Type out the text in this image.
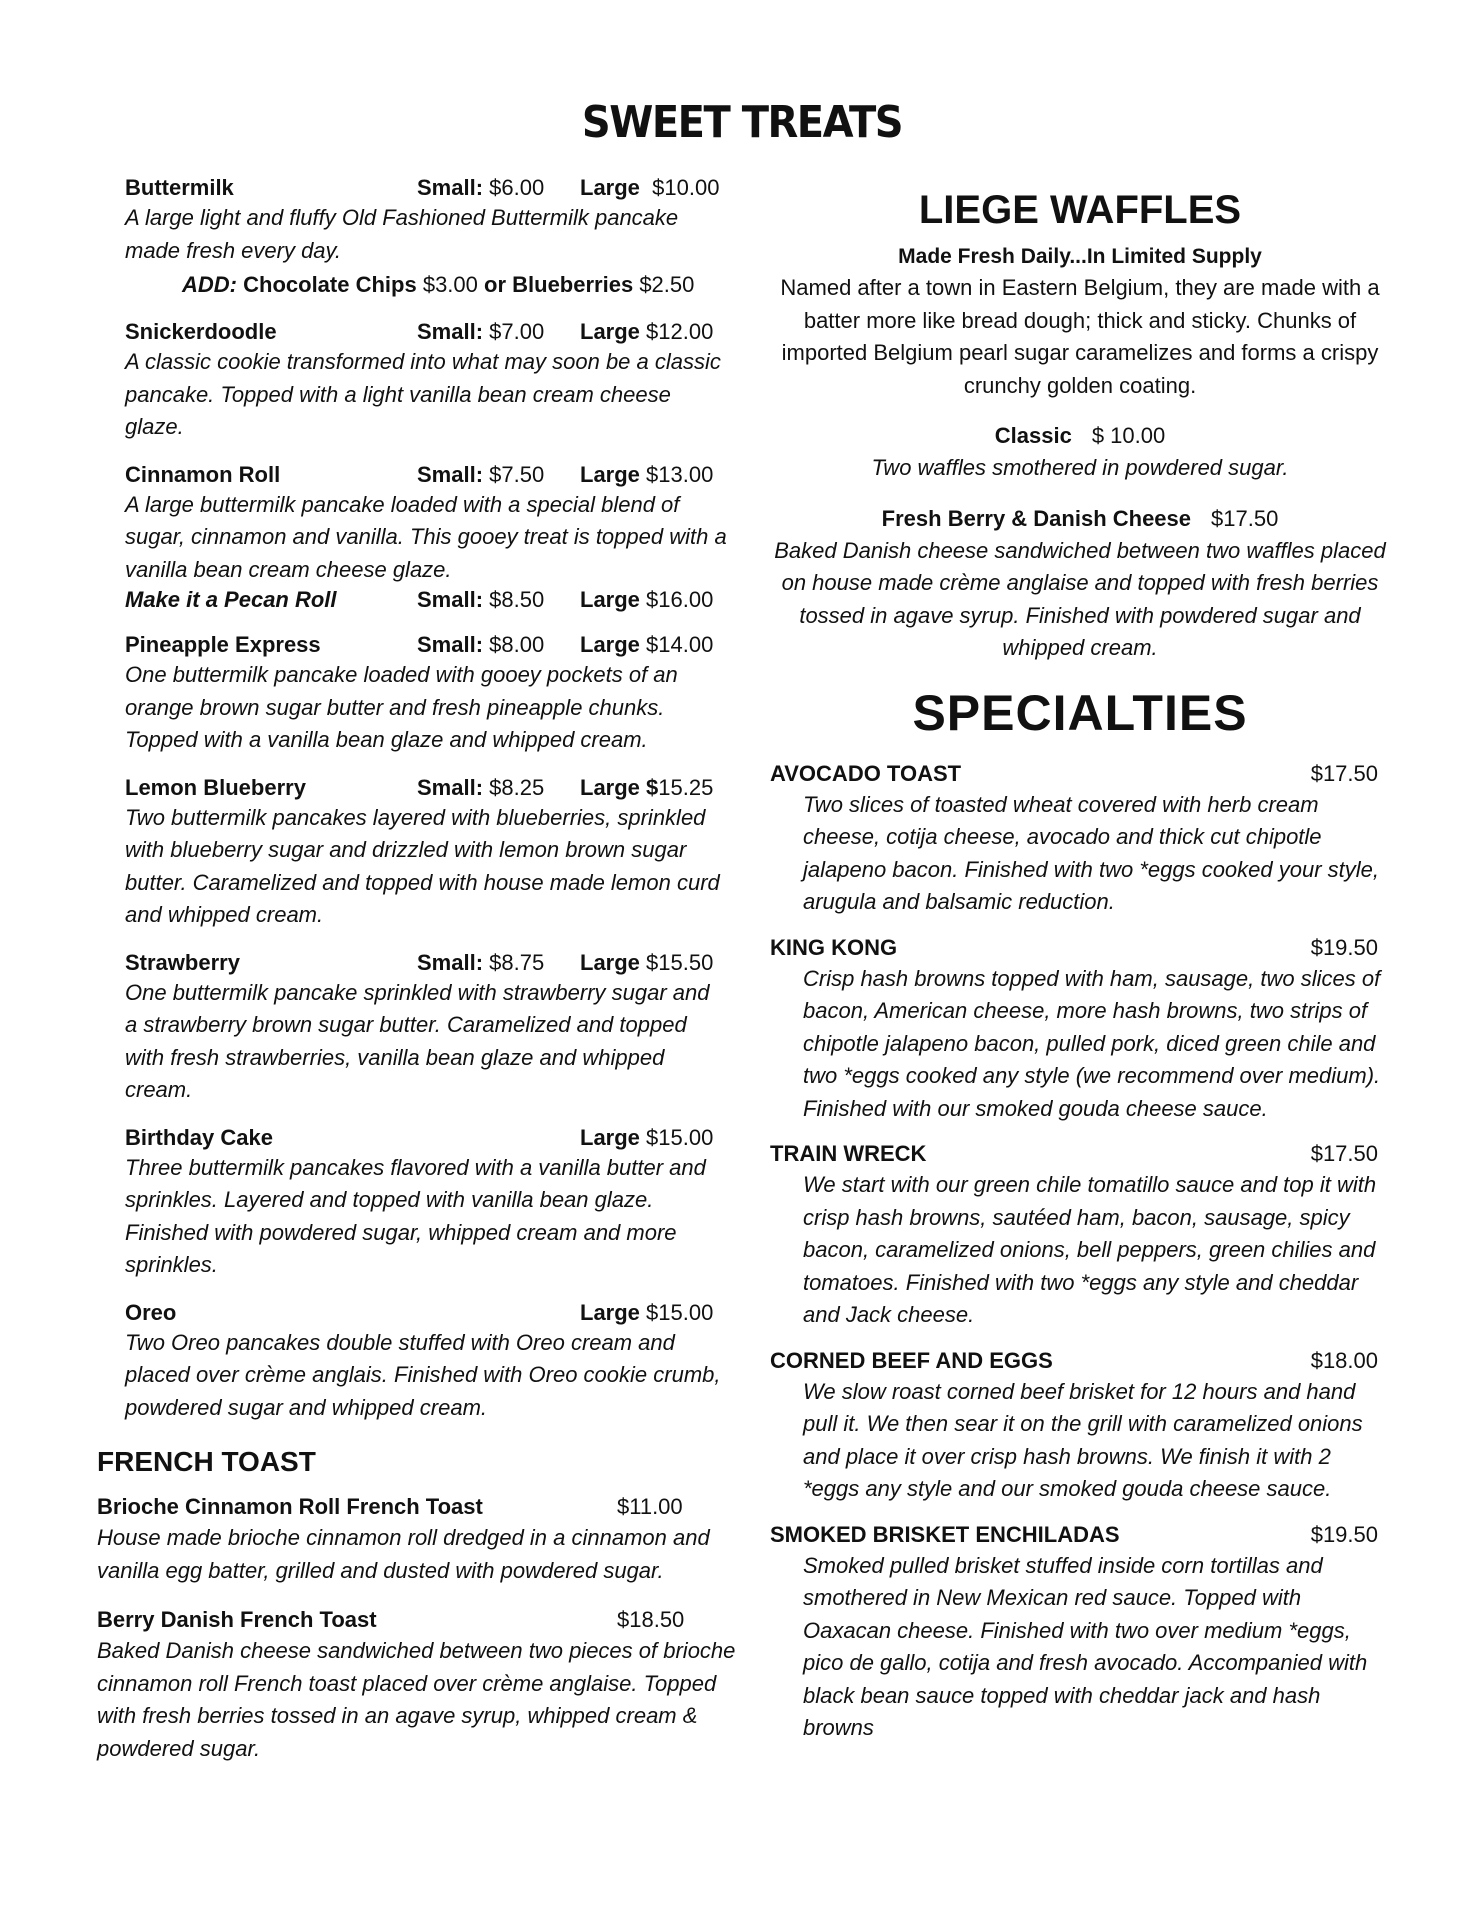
SWEET TREATS
Buttermilk	Small: $6.00 Large $10.00
A large light and fluffy Old Fashioned Buttermilk pancake made fresh every day.
ADD: Chocolate Chips $3.00 or Blueberries $2.50
Snickerdoodle	Small: $7.00 Large $12.00
A classic cookie transformed into what may soon be a classic pancake. Topped with a light vanilla bean cream cheese glaze.
Cinnamon Roll	Small: $7.50 Large $13.00
A large buttermilk pancake loaded with a special blend of sugar, cinnamon and vanilla. This gooey treat is topped with a vanilla bean cream cheese glaze.
Make it a Pecan Roll	Small: $8.50 Large $16.00
Pineapple Express	Small: $8.00 Large $14.00
One buttermilk pancake loaded with gooey pockets of an orange brown sugar butter and fresh pineapple chunks. Topped with a vanilla bean glaze and whipped cream.
Lemon Blueberry	Small: $8.25 Large $15.25
Two buttermilk pancakes layered with blueberries, sprinkled with blueberry sugar and drizzled with lemon brown sugar butter. Caramelized and topped with house made lemon curd and whipped cream.
Strawberry	Small: $8.75 Large $15.50
One buttermilk pancake sprinkled with strawberry sugar and a strawberry brown sugar butter. Caramelized and topped with fresh strawberries, vanilla bean glaze and whipped cream.
Birthday Cake	Large $15.00
Three buttermilk pancakes flavored with a vanilla butter and sprinkles. Layered and topped with vanilla bean glaze. Finished with powdered sugar, whipped cream and more sprinkles.
Oreo	Large $15.00
Two Oreo pancakes double stuffed with Oreo cream and placed over crème anglais. Finished with Oreo cookie crumb, powdered sugar and whipped cream.
FRENCH TOAST
Brioche Cinnamon Roll French Toast	$11.00
House made brioche cinnamon roll dredged in a cinnamon and vanilla egg batter, grilled and dusted with powdered sugar.
Berry Danish French Toast	$18.50
Baked Danish cheese sandwiched between two pieces of brioche cinnamon roll French toast placed over crème anglaise. Topped with fresh berries tossed in an agave syrup, whipped cream & powdered sugar.
LIEGE WAFFLES
Made Fresh Daily...In Limited Supply
Named after a town in Eastern Belgium, they are made with a batter more like bread dough; thick and sticky. Chunks of imported Belgium pearl sugar caramelizes and forms a crispy crunchy golden coating.
Classic $ 10.00
Two waffles smothered in powdered sugar.
Fresh Berry & Danish Cheese $17.50
Baked Danish cheese sandwiched between two waffles placed on house made crème anglaise and topped with fresh berries tossed in agave syrup. Finished with powdered sugar and whipped cream.
SPECIALTIES
AVOCADO TOAST	$17.50
Two slices of toasted wheat covered with herb cream cheese, cotija cheese, avocado and thick cut chipotle jalapeno bacon. Finished with two *eggs cooked your style, arugula and balsamic reduction.
KING KONG	$19.50
Crisp hash browns topped with ham, sausage, two slices of bacon, American cheese, more hash browns, two strips of chipotle jalapeno bacon, pulled pork, diced green chile and two *eggs cooked any style (we recommend over medium). Finished with our smoked gouda cheese sauce.
TRAIN WRECK	$17.50
We start with our green chile tomatillo sauce and top it with crisp hash browns, sautéed ham, bacon, sausage, spicy bacon, caramelized onions, bell peppers, green chilies and tomatoes. Finished with two *eggs any style and cheddar and Jack cheese.
CORNED BEEF AND EGGS	$18.00
We slow roast corned beef brisket for 12 hours and hand pull it. We then sear it on the grill with caramelized onions and place it over crisp hash browns. We finish it with 2 *eggs any style and our smoked gouda cheese sauce.
SMOKED BRISKET ENCHILADAS	$19.50
Smoked pulled brisket stuffed inside corn tortillas and smothered in New Mexican red sauce. Topped with Oaxacan cheese. Finished with two over medium *eggs, pico de gallo, cotija and fresh avocado. Accompanied with black bean sauce topped with cheddar jack and hash browns
